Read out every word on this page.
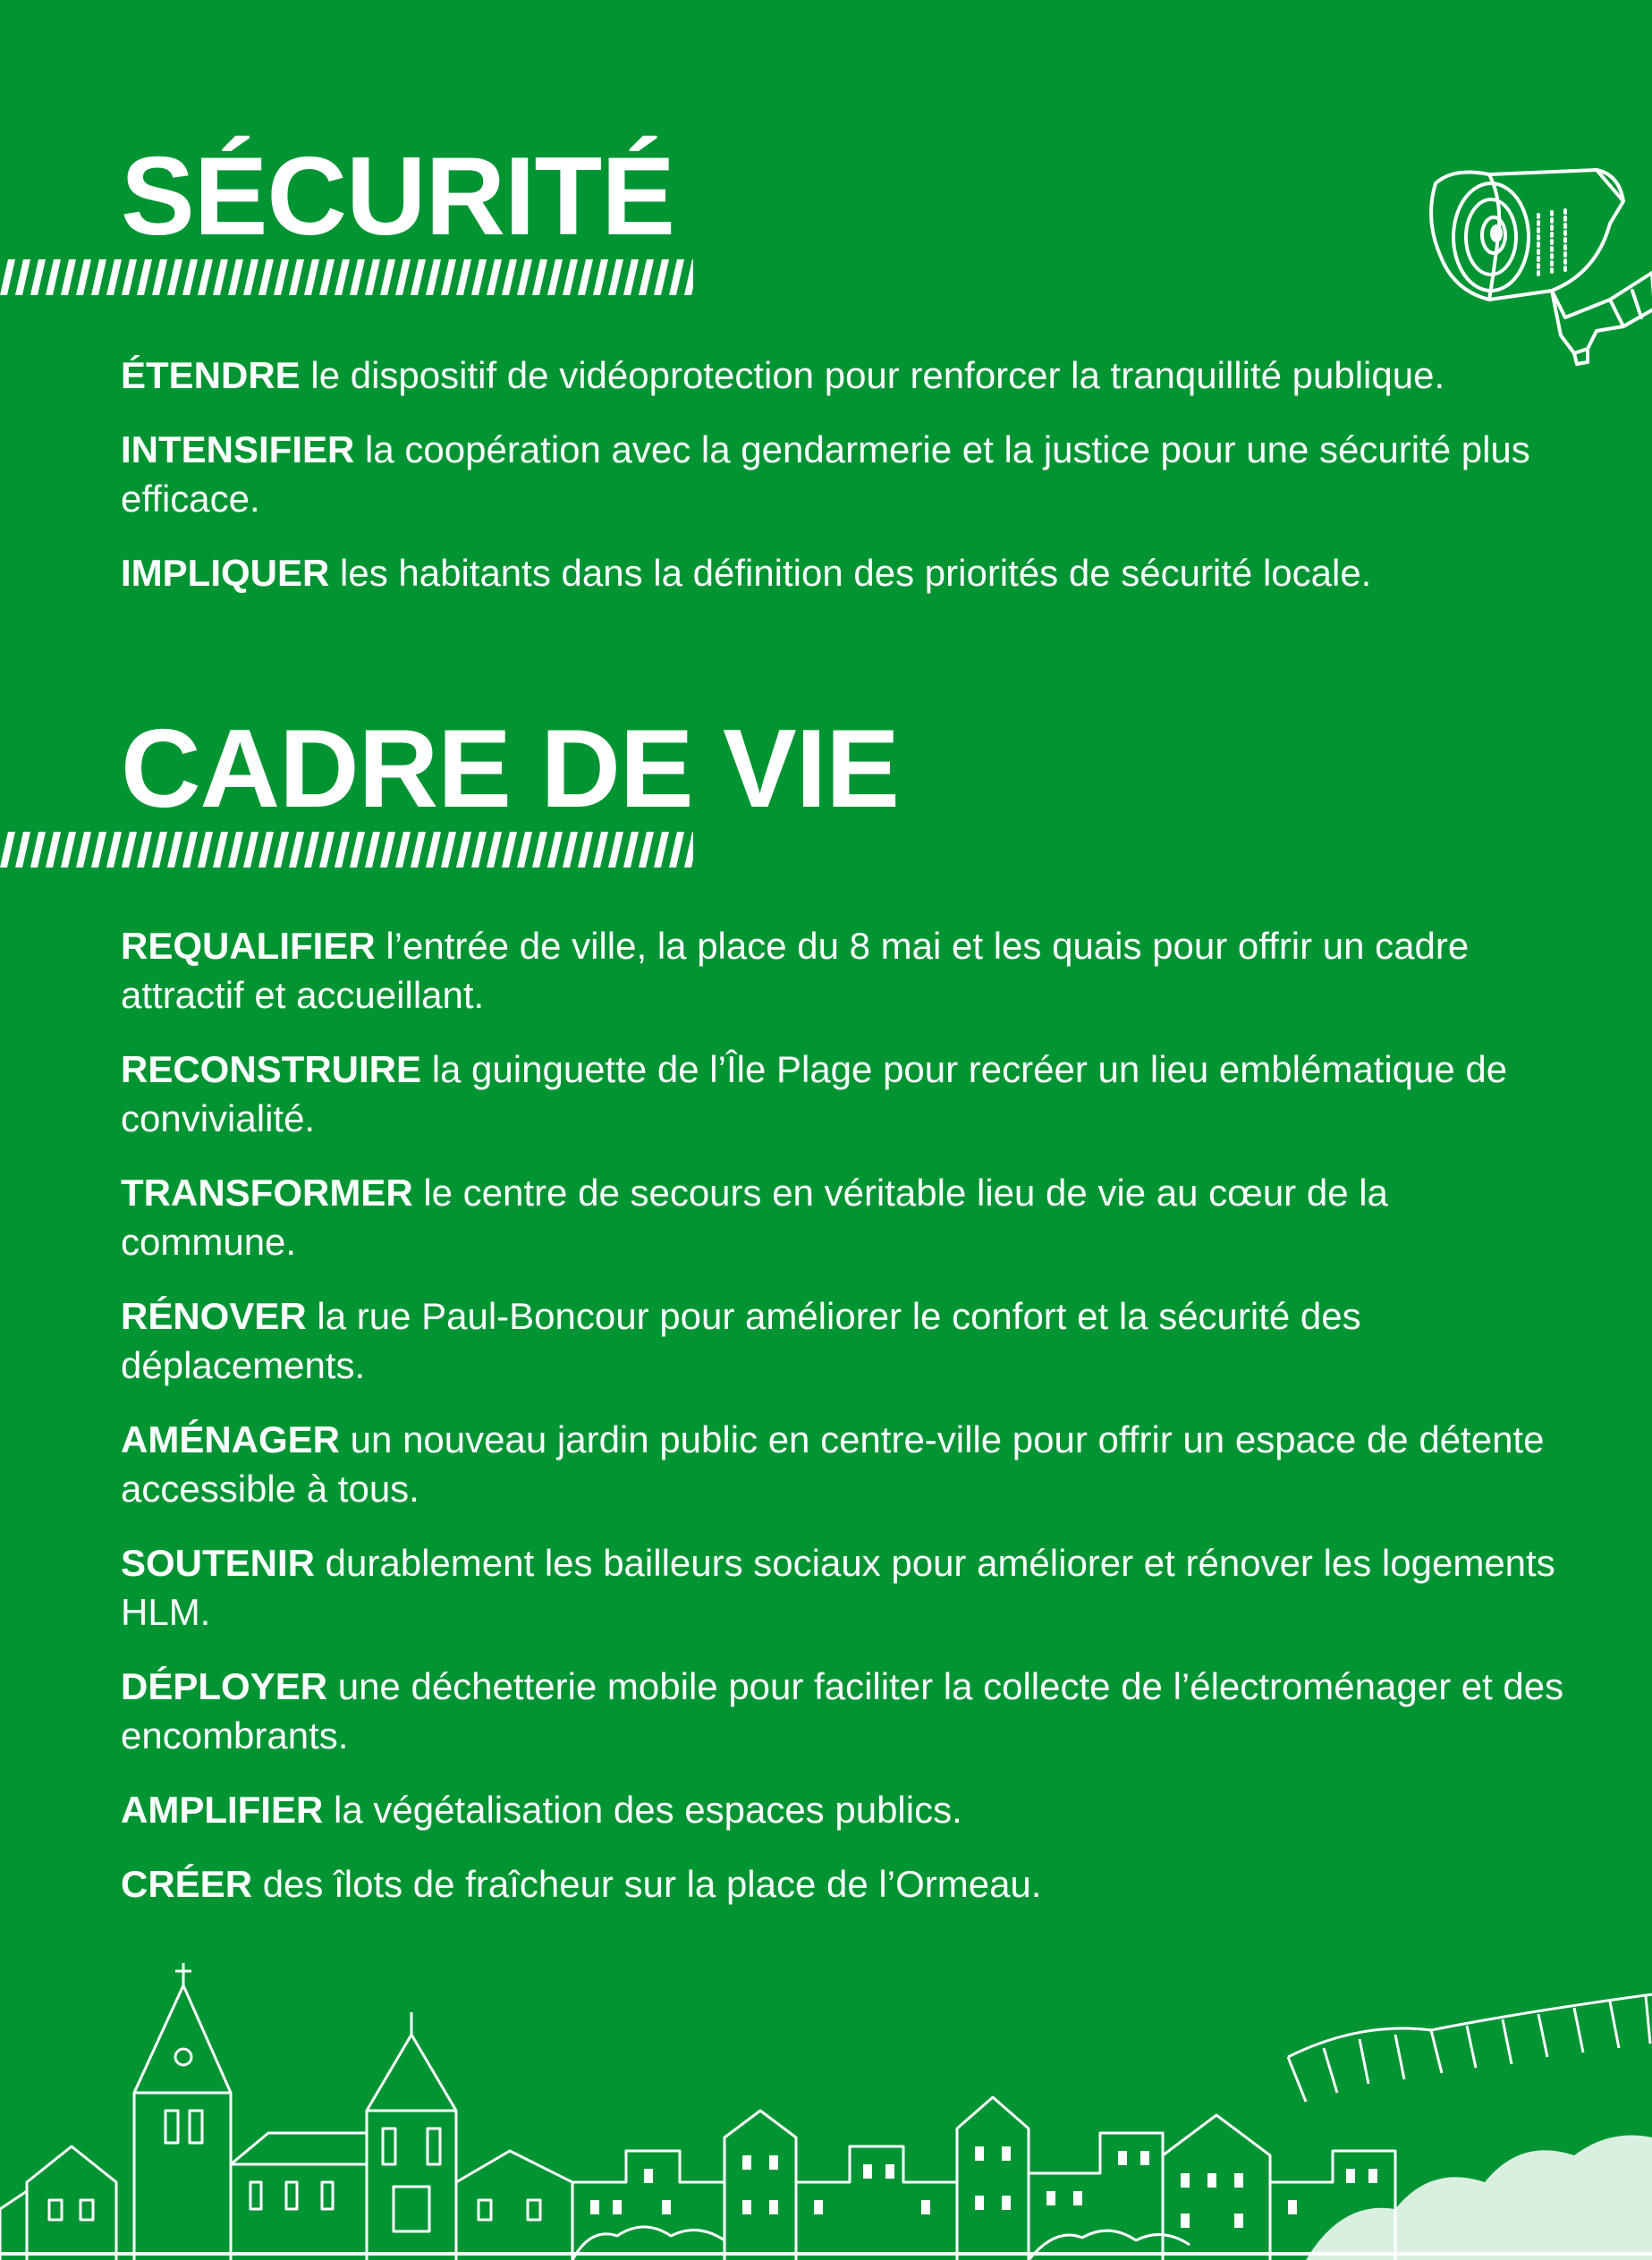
SÉCURITÉ
ÉTENDRE le dispositif de vidéoprotection pour renforcer la tranquillité publique.
INTENSIFIER la coopération avec la gendarmerie et la justice pour une sécurité plus efficace.
IMPLIQUER les habitants dans la définition des priorités de sécurité locale.
CADRE DE VIE
REQUALIFIER l’entrée de ville, la place du 8 mai et les quais pour offrir un cadre attractif et accueillant.
RECONSTRUIRE la guinguette de l’Île Plage pour recréer un lieu emblématique de convivialité.
TRANSFORMER le centre de secours en véritable lieu de vie au cœur de la commune.
RÉNOVER la rue Paul-Boncour pour améliorer le confort et la sécurité des déplacements.
AMÉNAGER un nouveau jardin public en centre-ville pour offrir un espace de détente accessible à tous.
SOUTENIR durablement les bailleurs sociaux pour améliorer et rénover les logements HLM.
DÉPLOYER une déchetterie mobile pour faciliter la collecte de l’électroménager et des encombrants.
AMPLIFIER la végétalisation des espaces publics.
CRÉER des îlots de fraîcheur sur la place de l’Ormeau.
